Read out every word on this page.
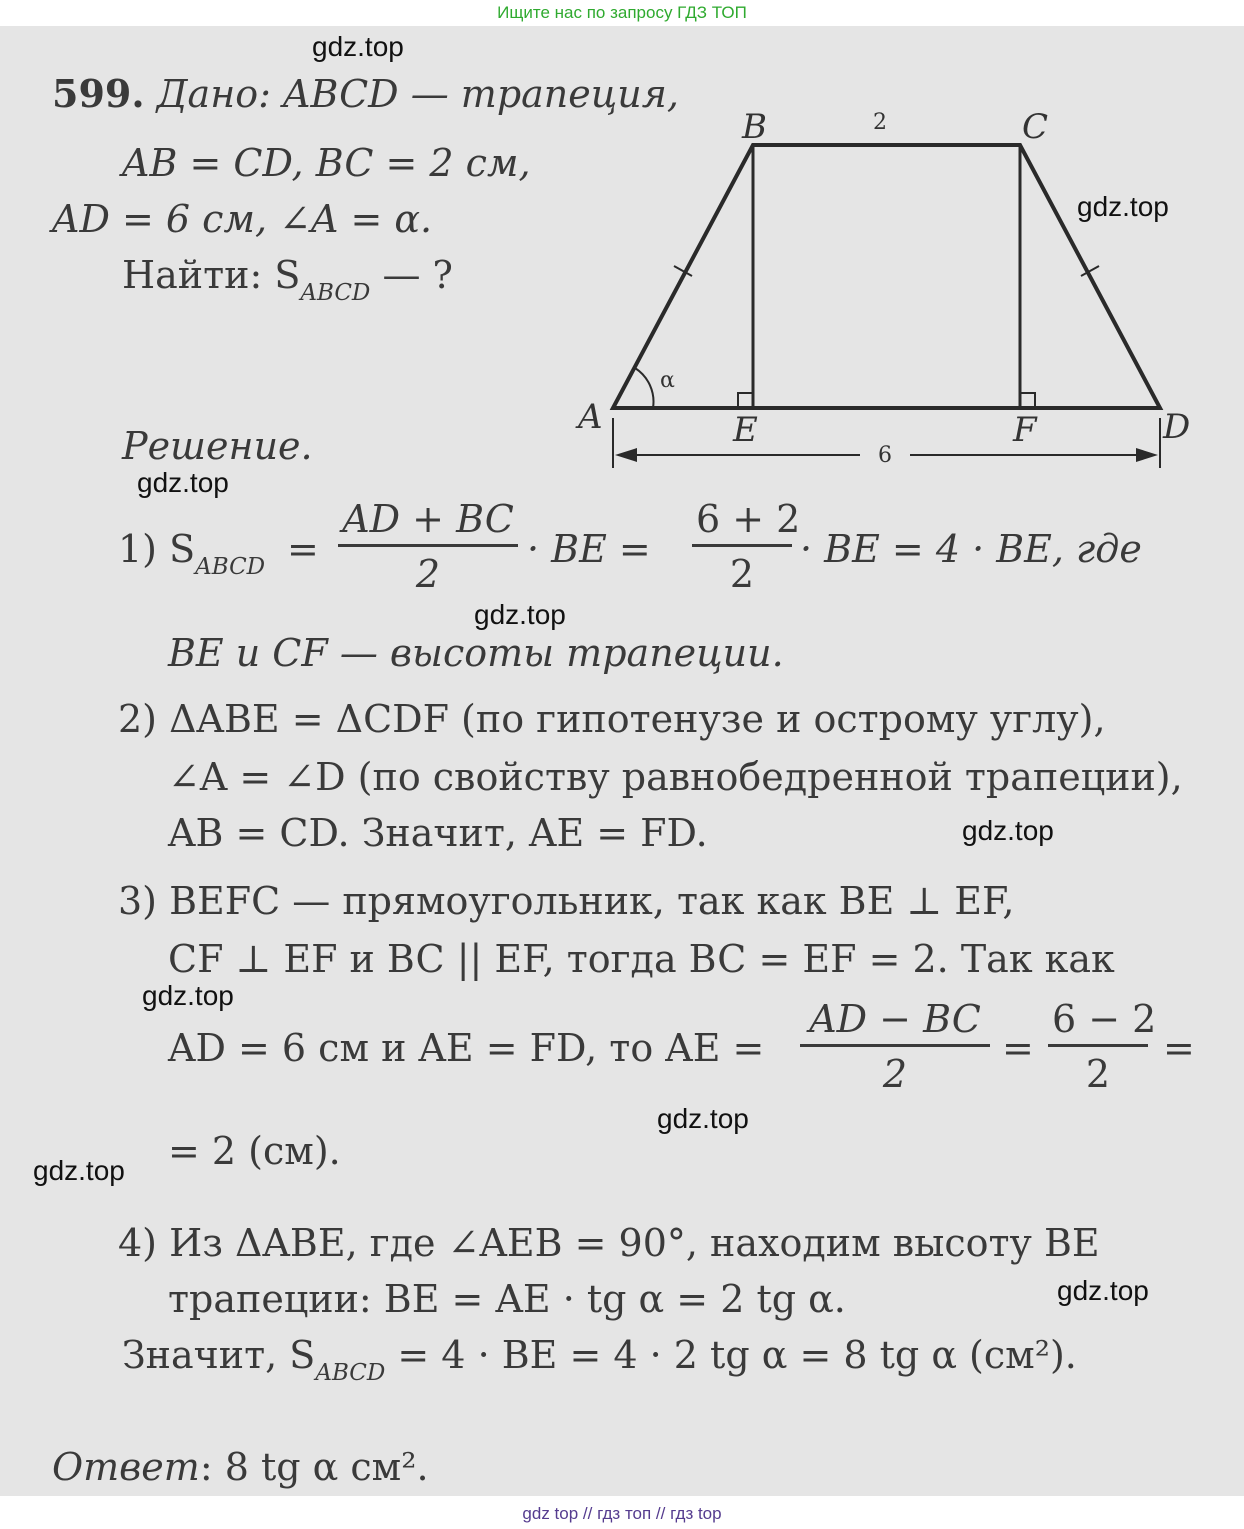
Ищите нас по запросу ГДЗ ТОП
599. Дано: ABCD — трапеция,
AB = CD, BC = 2 см,
AD = 6 см, ∠A = α.
Найти: $S_{ABCD}$ — ?
B	C
A	D
E	F
2
6
α
Решение.
1) $S_{ABCD} = \frac{AD + BC}{2}$ · BE = $\frac{6 + 2}{2}$ · BE = 4 · BE, где
BE и CF — высоты трапеции.
2) ΔABE = ΔCDF (по гипотенузе и острому углу),
∠A = ∠D (по свойству равнобедренной трапеции),
AB = CD. Значит, AE = FD.
3) BEFC — прямоугольник, так как BE ⊥ EF,
CF ⊥ EF и BC || EF, тогда BC = EF = 2. Так как
AD = 6 см и AE = FD, то AE = $\frac{AD - BC}{2} = \frac{6 - 2}{2}$ =
= 2 (см).
4) Из ΔABE, где ∠AEB = 90°, находим высоту BE
трапеции: BE = AE · tg α = 2 tg α.
Значит, $S_{ABCD} = 4$ · BE = 4 · 2 tg α = 8 tg α (см²).
Ответ: 8 tg α см².
gdz.top
gdz.top
gdz.top
gdz.top
gdz.top
gdz.top
gdz.top
gdz.top
gdz.top
gdz top // гдз топ // гдз top
